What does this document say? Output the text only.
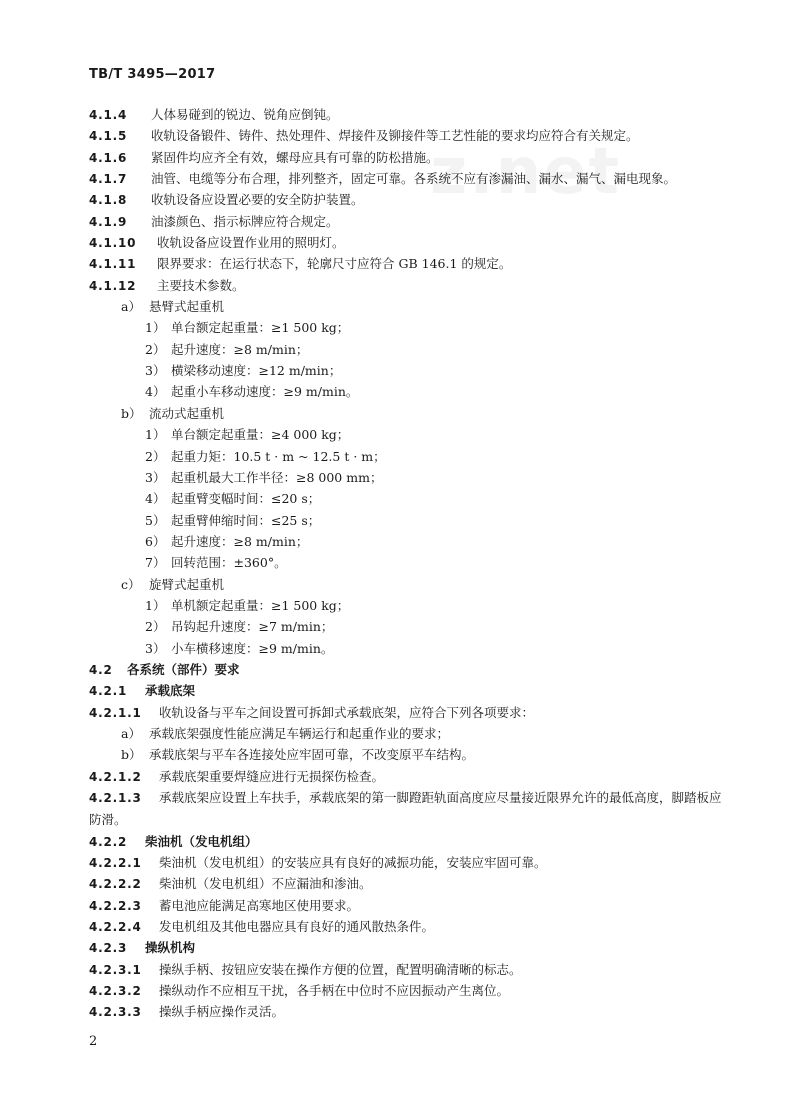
TB/T 3495—2017
4.1.4 人体易碰到的锐边、锐角应倒钝。
4.1.5 收轨设备锻件、铸件、热处理件、焊接件及铆接件等工艺性能的要求均应符合有关规定。
4.1.6 紧固件均应齐全有效，螺母应具有可靠的防松措施。
4.1.7 油管、电缆等分布合理，排列整齐，固定可靠。各系统不应有渗漏油、漏水、漏气、漏电现象。
4.1.8 收轨设备应设置必要的安全防护装置。
4.1.9 油漆颜色、指示标牌应符合规定。
4.1.10 收轨设备应设置作业用的照明灯。
4.1.11 限界要求：在运行状态下，轮廓尺寸应符合 GB 146.1 的规定。
4.1.12 主要技术参数。
a） 悬臂式起重机
1） 单台额定起重量：≥1 500 kg；
2） 起升速度：≥8 m/min；
3） 横梁移动速度：≥12 m/min；
4） 起重小车移动速度：≥9 m/min。
b） 流动式起重机
1） 单台额定起重量：≥4 000 kg；
2） 起重力矩：10.5 t · m ~ 12.5 t · m；
3） 起重机最大工作半径：≥8 000 mm；
4） 起重臂变幅时间：≤20 s；
5） 起重臂伸缩时间：≤25 s；
6） 起升速度：≥8 m/min；
7） 回转范围：±360°。
c） 旋臂式起重机
1） 单机额定起重量：≥1 500 kg；
2） 吊钩起升速度：≥7 m/min；
3） 小车横移速度：≥9 m/min。
4.2 各系统（部件）要求
4.2.1 承载底架
4.2.1.1 收轨设备与平车之间设置可拆卸式承载底架，应符合下列各项要求：
a） 承载底架强度性能应满足车辆运行和起重作业的要求；
b） 承载底架与平车各连接处应牢固可靠，不改变原平车结构。
4.2.1.2 承载底架重要焊缝应进行无损探伤检查。
4.2.1.3 承载底架应设置上车扶手，承载底架的第一脚蹬距轨面高度应尽量接近限界允许的最低高度，脚踏板应防滑。
4.2.2 柴油机（发电机组）
4.2.2.1 柴油机（发电机组）的安装应具有良好的减振功能，安装应牢固可靠。
4.2.2.2 柴油机（发电机组）不应漏油和渗油。
4.2.2.3 蓄电池应能满足高寒地区使用要求。
4.2.2.4 发电机组及其他电器应具有良好的通风散热条件。
4.2.3 操纵机构
4.2.3.1 操纵手柄、按钮应安装在操作方便的位置，配置明确清晰的标志。
4.2.3.2 操纵动作不应相互干扰，各手柄在中位时不应因振动产生离位。
4.2.3.3 操纵手柄应操作灵活。
2
